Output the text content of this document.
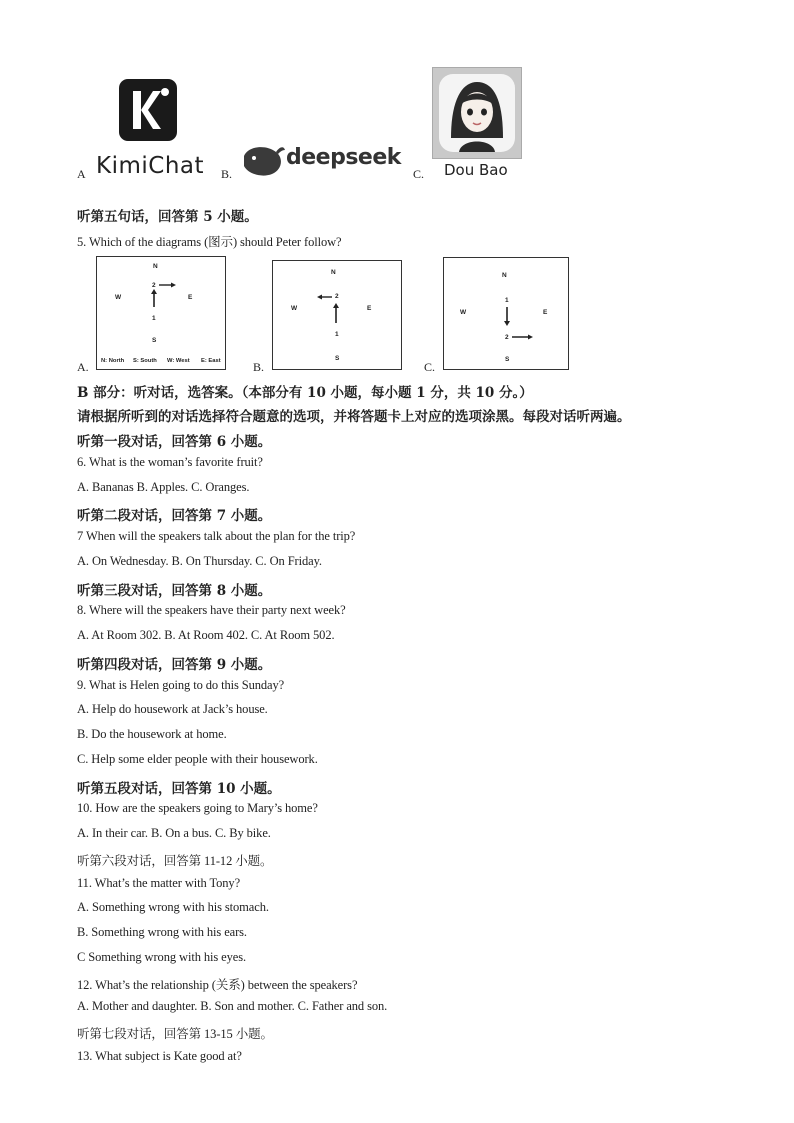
A KimiChat B.
deepseek
C. Dou Bao
听第五句话，回答第 5 小题。
5. Which of the diagrams (图示) should Peter follow?
A.
N
W	E
2
1
S
N: North S: South W: West E: East	B.
N
W	E
2
1
S
C.
N
W	E
1
2
S
B 部分：听对话，选答案。（本部分有 10 小题，每小题 1 分，共 10 分。）
请根据所听到的对话选择符合题意的选项，并将答题卡上对应的选项涂黑。每段对话听两遍。
听第一段对话，回答第 6 小题。
6. What is the woman’s favorite fruit?
A. Bananas B. Apples. C. Oranges.
听第二段对话，回答第 7 小题。
7 When will the speakers talk about the plan for the trip?
A. On Wednesday. B. On Thursday. C. On Friday.
听第三段对话，回答第 8 小题。
8. Where will the speakers have their party next week?
A. At Room 302. B. At Room 402. C. At Room 502.
听第四段对话，回答第 9 小题。
9. What is Helen going to do this Sunday?
A. Help do housework at Jack’s house.
B. Do the housework at home.
C. Help some elder people with their housework.
听第五段对话，回答第 10 小题。
10. How are the speakers going to Mary’s home?
A. In their car. B. On a bus. C. By bike.
听第六段对话，回答第 11-12 小题。
11. What’s the matter with Tony?
A. Something wrong with his stomach.
B. Something wrong with his ears.
C Something wrong with his eyes.
12. What’s the relationship (关系) between the speakers?
A. Mother and daughter. B. Son and mother. C. Father and son.
听第七段对话，回答第 13-15 小题。
13. What subject is Kate good at?
